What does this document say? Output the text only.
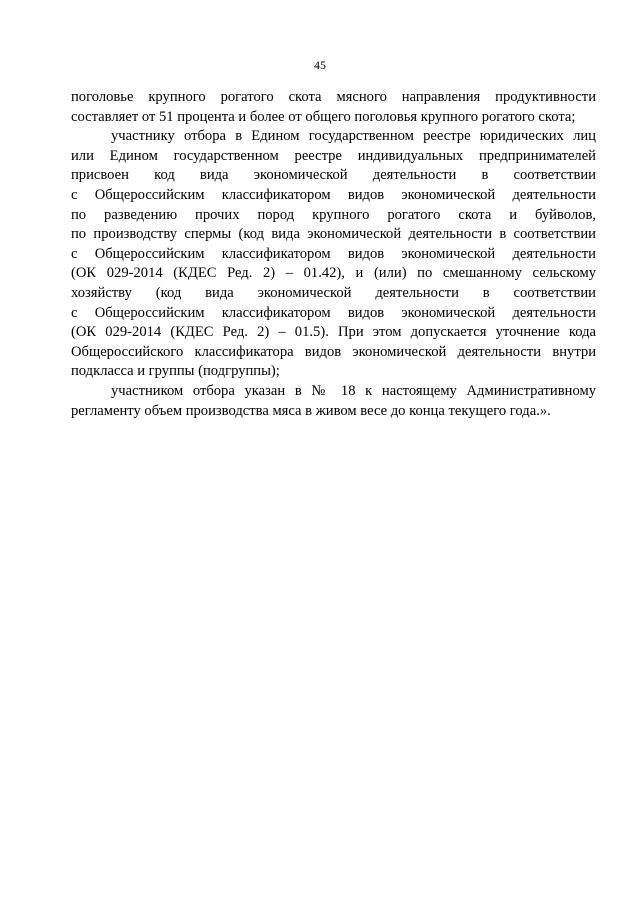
45
поголовье крупного рогатого скота мясного направления продуктивности
составляет от 51 процента и более от общего поголовья крупного рогатого скота;
участнику отбора в Едином государственном реестре юридических лиц
или Едином государственном реестре индивидуальных предпринимателей
присвоен код вида экономической деятельности в соответствии
с Общероссийским классификатором видов экономической деятельности
по разведению прочих пород крупного рогатого скота и буйволов,
по производству спермы (код вида экономической деятельности в соответствии
с Общероссийским классификатором видов экономической деятельности
(ОК 029-2014 (КДЕС Ред. 2) – 01.42), и (или) по смешанному сельскому
хозяйству (код вида экономической деятельности в соответствии
с Общероссийским классификатором видов экономической деятельности
(ОК 029-2014 (КДЕС Ред. 2) – 01.5). При этом допускается уточнение кода
Общероссийского классификатора видов экономической деятельности внутри
подкласса и группы (подгруппы);
участником отбора указан в № 18 к настоящему Административному
регламенту объем производства мяса в живом весе до конца текущего года.».
